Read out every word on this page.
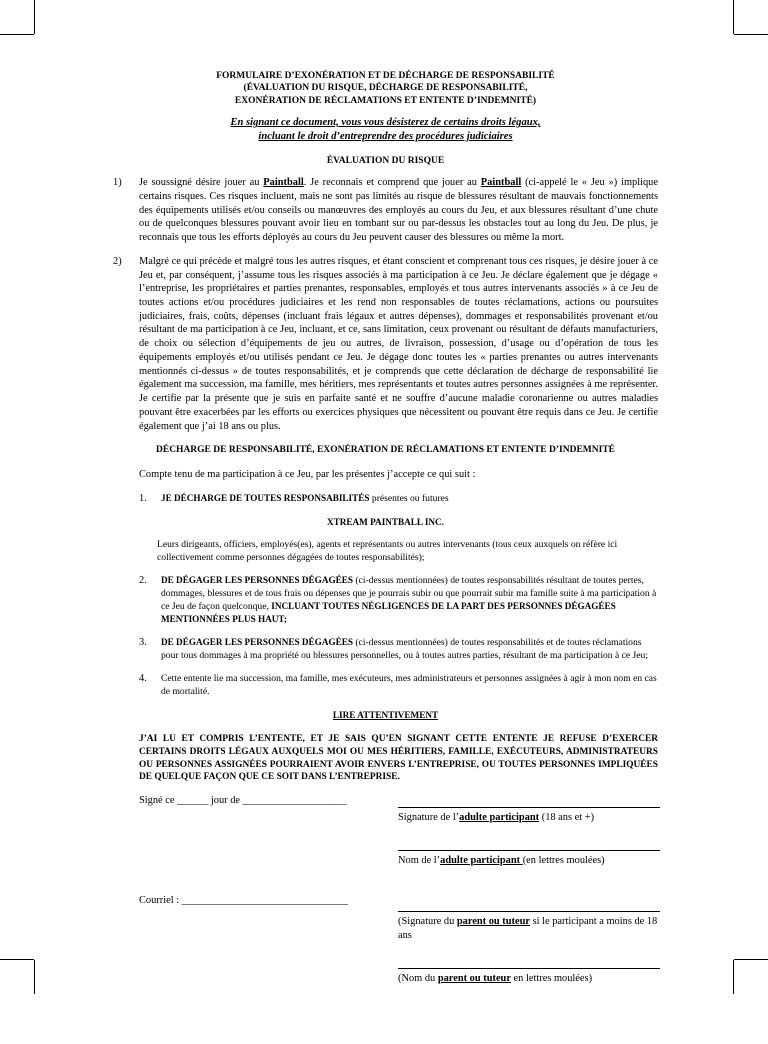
FORMULAIRE D’EXONÉRATION ET DE DÉCHARGE DE RESPONSABILITÉ
(ÉVALUATION DU RISQUE, DÉCHARGE DE RESPONSABILITÉ,
EXONÉRATION DE RÉCLAMATIONS ET ENTENTE D’INDEMNITÉ)
En signant ce document, vous vous désisterez de certains droits légaux,
incluant le droit d’entreprendre des procédures judiciaires
ÉVALUATION DU RISQUE
1) Je soussigné désire jouer au Paintball. Je reconnais et comprend que jouer au Paintball (ci-appelé le « Jeu ») implique certains risques. Ces risques incluent, mais ne sont pas limités au risque de blessures résultant de mauvais fonctionnements des équipements utilisés et/ou conseils ou manœuvres des employés au cours du Jeu, et aux blessures résultant d’une chute ou de quelconques blessures pouvant avoir lieu en tombant sur ou par-dessus les obstacles tout au long du Jeu. De plus, je reconnais que tous les efforts déployés au cours du Jeu peuvent causer des blessures ou même la mort.
2) Malgré ce qui précède et malgré tous les autres risques, et étant conscient et comprenant tous ces risques, je désire jouer à ce Jeu et, par conséquent, j’assume tous les risques associés à ma participation à ce Jeu. Je déclare également que je dégage « l’entreprise, les propriétaires et parties prenantes, responsables, employés et tous autres intervenants associés » à ce Jeu de toutes actions et/ou procédures judiciaires et les rend non responsables de toutes réclamations, actions ou poursuites judiciaires, frais, coûts, dépenses (incluant frais légaux et autres dépenses), dommages et responsabilités provenant et/ou résultant de ma participation à ce Jeu, incluant, et ce, sans limitation, ceux provenant ou résultant de défauts manufacturiers, de choix ou sélection d’équipements de jeu ou autres, de livraison, possession, d’usage ou d’opération de tous les équipements employés et/ou utilisés pendant ce Jeu. Je dégage donc toutes les « parties prenantes ou autres intervenants mentionnés ci-dessus » de toutes responsabilités, et je comprends que cette déclaration de décharge de responsabilité lie également ma succession, ma famille, mes héritiers, mes représentants et toutes autres personnes assignées à me représenter. Je certifie par la présente que je suis en parfaite santé et ne souffre d’aucune maladie coronarienne ou autres maladies pouvant être exacerbées par les efforts ou exercices physiques que nécessitent ou pouvant être requis dans ce Jeu. Je certifie également que j’ai 18 ans ou plus.
DÉCHARGE DE RESPONSABILITÉ, EXONÉRATION DE RÉCLAMATIONS ET ENTENTE D’INDEMNITÉ
Compte tenu de ma participation à ce Jeu, par les présentes j’accepte ce qui suit :
1. JE DÉCHARGE DE TOUTES RESPONSABILITÉS présentes ou futures
XTREAM PAINTBALL INC.
Leurs dirigeants, officiers, employés(es), agents et représentants ou autres intervenants (tous ceux auxquels on réfère ici collectivement comme personnes dégagées de toutes responsabilités);
2. DE DÉGAGER LES PERSONNES DÉGAGÉES (ci-dessus mentionnées) de toutes responsabilités résultant de toutes pertes, dommages, blessures et de tous frais ou dépenses que je pourrais subir ou que pourrait subir ma famille suite à ma participation à ce Jeu de façon quelconque, INCLUANT TOUTES NÉGLIGENCES DE LA PART DES PERSONNES DÉGAGÉES MENTIONNÉES PLUS HAUT;
3. DE DÉGAGER LES PERSONNES DÉGAGÉES (ci-dessus mentionnées) de toutes responsabilités et de toutes réclamations pour tous dommages à ma propriété ou blessures personnelles, ou à toutes autres parties, résultant de ma participation à ce Jeu;
4. Cette entente lie ma succession, ma famille, mes exécuteurs, mes administrateurs et personnes assignées à agir à mon nom en cas de mortalité.
LIRE ATTENTIVEMENT
J’AI LU ET COMPRIS L’ENTENTE, ET JE SAIS QU’EN SIGNANT CETTE ENTENTE JE REFUSE D’EXERCER CERTAINS DROITS LÉGAUX AUXQUELS MOI OU MES HÉRITIERS, FAMILLE, EXÉCUTEURS, ADMINISTRATEURS OU PERSONNES ASSIGNÉES POURRAIENT AVOIR ENVERS L’ENTREPRISE, OU TOUTES PERSONNES IMPLIQUÉES DE QUELQUE FAÇON QUE CE SOIT DANS L’ENTREPRISE.
Signé ce ______ jour de ____________________
Courriel : ________________________________
Signature de l’adulte participant (18 ans et +)
Nom de l’adulte participant (en lettres moulées)
(Signature du parent ou tuteur si le participant a moins de 18 ans
(Nom du parent ou tuteur en lettres moulées)
